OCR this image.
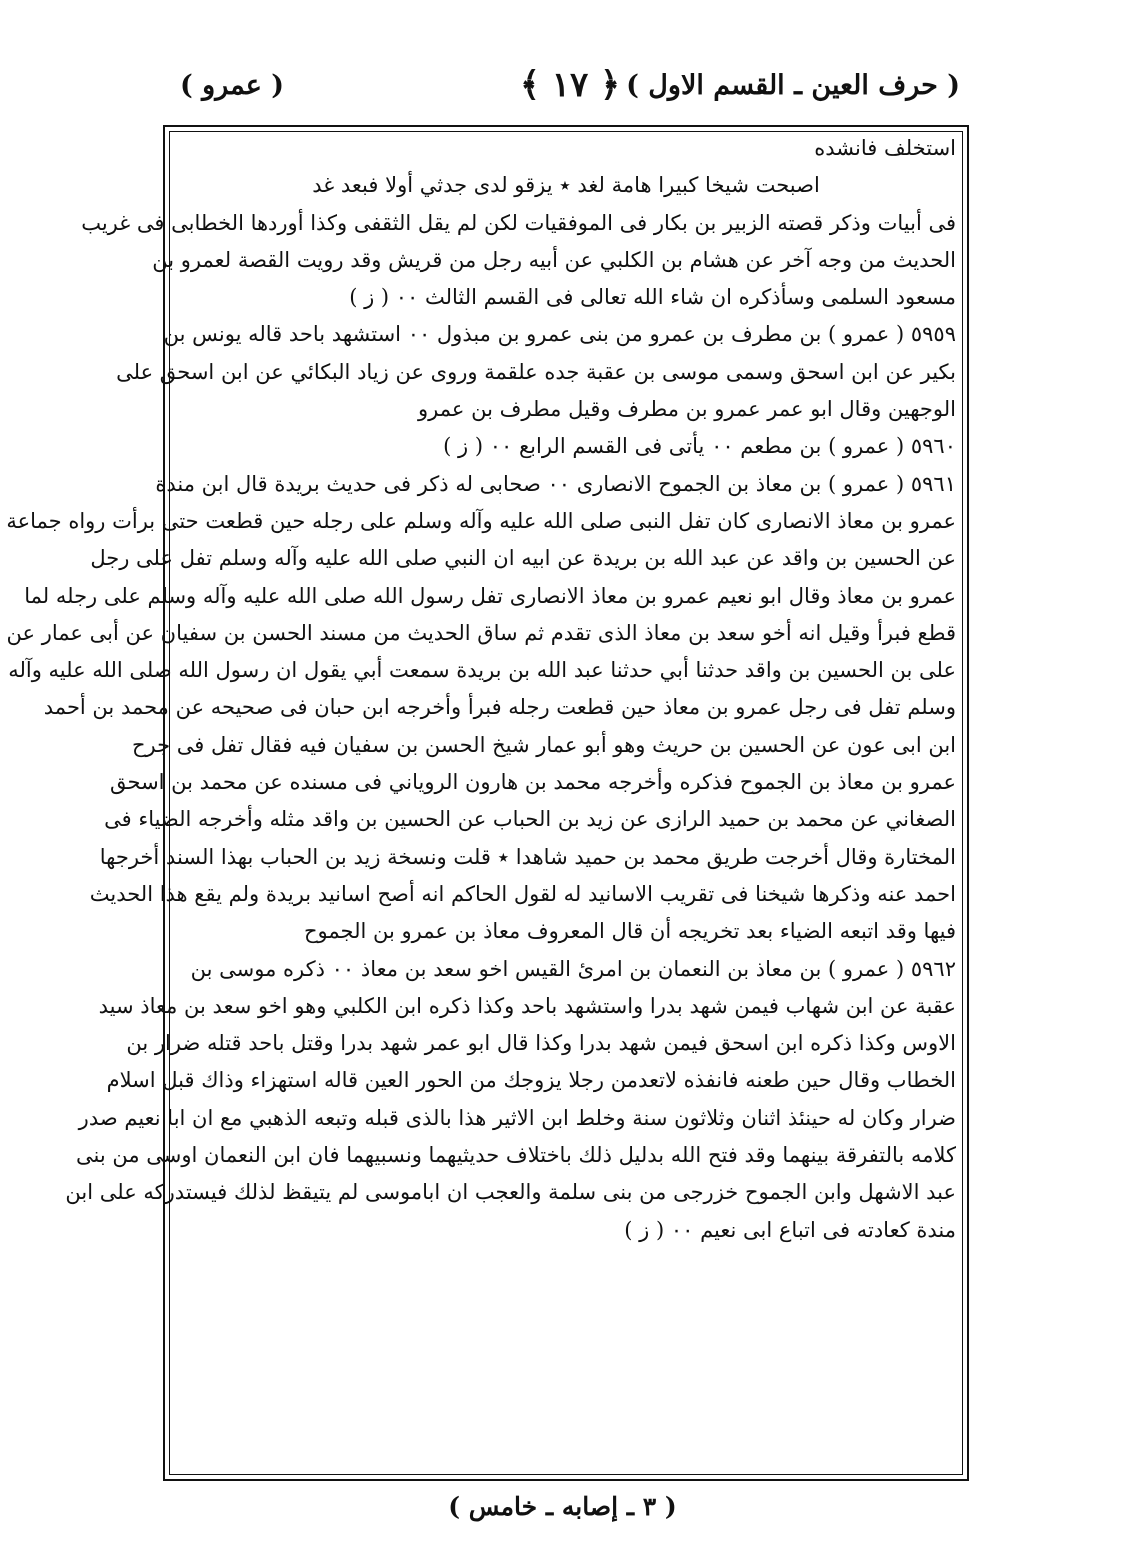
( حرف العين ـ القسم الاول )
﴿ ١٧ ﴾
( عمرو )
استخلف فانشده
اصبحت شيخا كبيرا هامة لغد ٭ يزقو لدى جدثي أولا فبعد غد
فى أبيات وذكر قصته الزبير بن بكار فى الموفقيات لكن لم يقل الثقفى وكذا أوردها الخطابى فى غريب
الحديث من وجه آخر عن هشام بن الكلبي عن أبيه رجل من قريش وقد رويت القصة لعمرو بن
مسعود السلمى وسأذكره ان شاء الله تعالى فى القسم الثالث ٠٠ ( ز )
٥٩٥٩ ( عمرو ) بن مطرف بن عمرو من بنى عمرو بن مبذول ٠٠ استشهد باحد قاله يونس بن
بكير عن ابن اسحق وسمى موسى بن عقبة جده علقمة وروى عن زياد البكائي عن ابن اسحق على
الوجهين وقال ابو عمر عمرو بن مطرف وقيل مطرف بن عمرو
٥٩٦٠ ( عمرو ) بن مطعم ٠٠ يأتى فى القسم الرابع ٠٠ ( ز )
٥٩٦١ ( عمرو ) بن معاذ بن الجموح الانصارى ٠٠ صحابى له ذكر فى حديث بريدة قال ابن مندة
عمرو بن معاذ الانصارى كان تفل النبى صلى الله عليه وآله وسلم على رجله حين قطعت حتى برأت رواه جماعة
عن الحسين بن واقد عن عبد الله بن بريدة عن ابيه ان النبي صلى الله عليه وآله وسلم تفل على رجل
عمرو بن معاذ وقال ابو نعيم عمرو بن معاذ الانصارى تفل رسول الله صلى الله عليه وآله وسلم على رجله لما
قطع فبرأ وقيل انه أخو سعد بن معاذ الذى تقدم ثم ساق الحديث من مسند الحسن بن سفيان عن أبى عمار عن
على بن الحسين بن واقد حدثنا أبي حدثنا عبد الله بن بريدة سمعت أبي يقول ان رسول الله صلى الله عليه وآله
وسلم تفل فى رجل عمرو بن معاذ حين قطعت رجله فبرأ وأخرجه ابن حبان فى صحيحه عن محمد بن أحمد
ابن ابى عون عن الحسين بن حريث وهو أبو عمار شيخ الحسن بن سفيان فيه فقال تفل فى جرح
عمرو بن معاذ بن الجموح فذكره وأخرجه محمد بن هارون الروياني فى مسنده عن محمد بن اسحق
الصغاني عن محمد بن حميد الرازى عن زيد بن الحباب عن الحسين بن واقد مثله وأخرجه الضياء فى
المختارة وقال أخرجت طريق محمد بن حميد شاهدا ٭ قلت ونسخة زيد بن الحباب بهذا السند أخرجها
احمد عنه وذكرها شيخنا فى تقريب الاسانيد له لقول الحاكم انه أصح اسانيد بريدة ولم يقع هذا الحديث
فيها وقد اتبعه الضياء بعد تخريجه أن قال المعروف معاذ بن عمرو بن الجموح
٥٩٦٢ ( عمرو ) بن معاذ بن النعمان بن امرئ القيس اخو سعد بن معاذ ٠٠ ذكره موسى بن
عقبة عن ابن شهاب فيمن شهد بدرا واستشهد باحد وكذا ذكره ابن الكلبي وهو اخو سعد بن معاذ سيد
الاوس وكذا ذكره ابن اسحق فيمن شهد بدرا وكذا قال ابو عمر شهد بدرا وقتل باحد قتله ضرار بن
الخطاب وقال حين طعنه فانفذه لاتعدمن رجلا يزوجك من الحور العين قاله استهزاء وذاك قبل اسلام
ضرار وكان له حينئذ اثنان وثلاثون سنة وخلط ابن الاثير هذا بالذى قبله وتبعه الذهبي مع ان ابا نعيم صدر
كلامه بالتفرقة بينهما وقد فتح الله بدليل ذلك باختلاف حديثيهما ونسبيهما فان ابن النعمان اوسى من بنى
عبد الاشهل وابن الجموح خزرجى من بنى سلمة والعجب ان اباموسى لم يتيقظ لذلك فيستدركه على ابن
مندة كعادته فى اتباع ابى نعيم ٠٠ ( ز )
( ٣ ـ إصابه ـ خامس )
